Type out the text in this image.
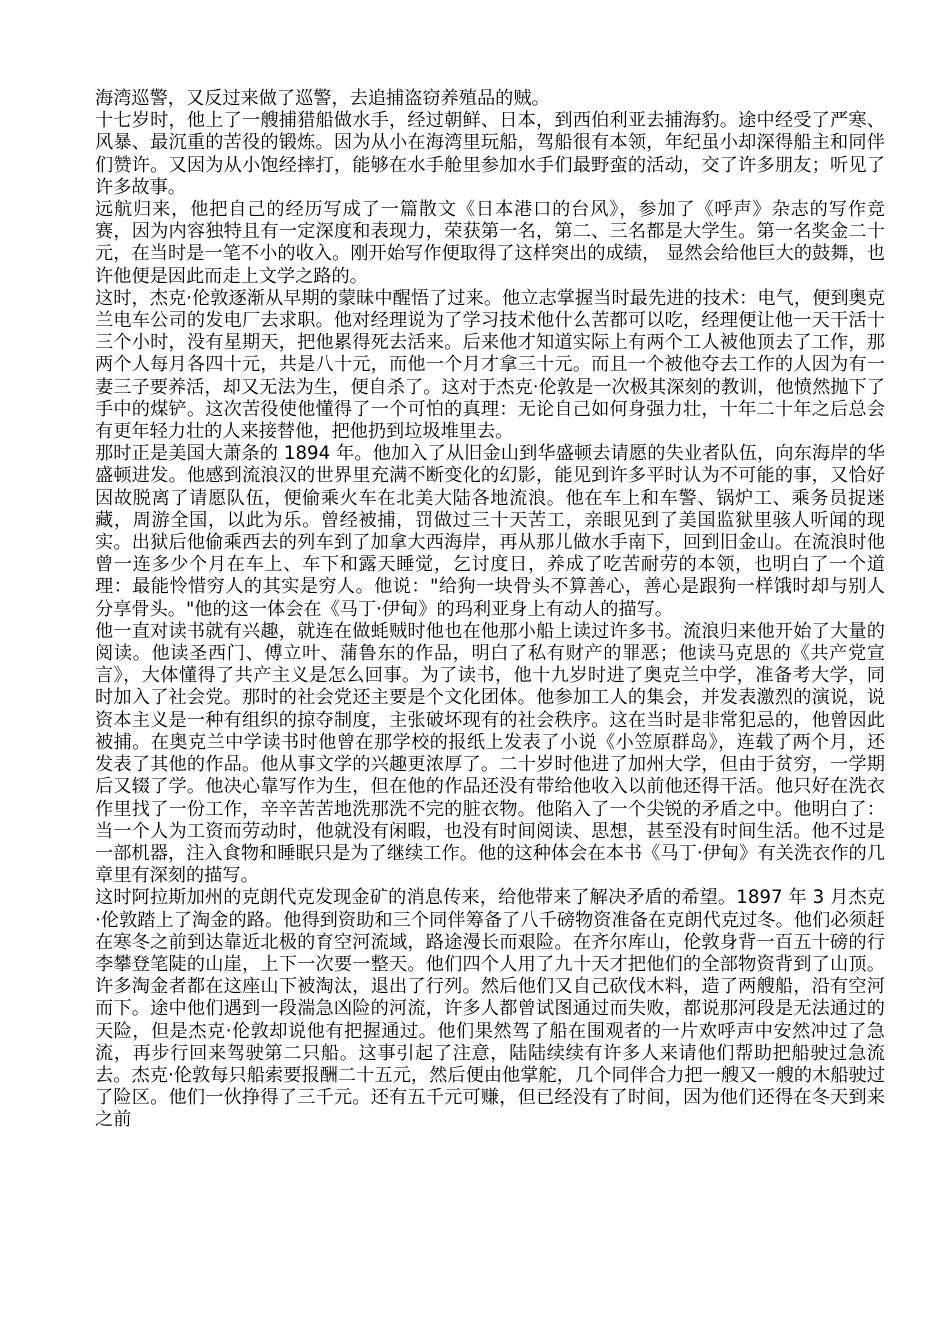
海湾巡警，又反过来做了巡警，去追捕盗窃养殖品的贼。

十七岁时，他上了一艘捕猎船做水手，经过朝鲜、日本，到西伯利亚去捕海豹。途中经受了严寒、风暴、最沉重的苦役的锻炼。因为从小在海湾里玩船，驾船很有本领，年纪虽小却深得船主和同伴们赞许。又因为从小饱经摔打，能够在水手舱里参加水手们最野蛮的活动，交了许多朋友；听见了许多故事。

远航归来，他把自己的经历写成了一篇散文《日本港口的台风》，参加了《呼声》杂志的写作竞赛，因为内容独特且有一定深度和表现力，荣获第一名，第二、三名都是大学生。第一名奖金二十元，在当时是一笔不小的收入。刚开始写作便取得了这样突出的成绩， 显然会给他巨大的鼓舞，也许他便是因此而走上文学之路的。

这时，杰克·伦敦逐渐从早期的蒙昧中醒悟了过来。他立志掌握当时最先进的技术：电气，便到奥克兰电车公司的发电厂去求职。他对经理说为了学习技术他什么苦都可以吃，经理便让他一天干活十三个小时，没有星期天，把他累得死去活来。后来他才知道实际上有两个工人被他顶去了工作，那两个人每月各四十元，共是八十元，而他一个月才拿三十元。而且一个被他夺去工作的人因为有一妻三子要养活，却又无法为生，便自杀了。这对于杰克·伦敦是一次极其深刻的教训，他愤然抛下了手中的煤铲。这次苦役使他懂得了一个可怕的真理：无论自己如何身强力壮，十年二十年之后总会有更年轻力壮的人来接替他，把他扔到垃圾堆里去。

那时正是美国大萧条的 1894 年。他加入了从旧金山到华盛顿去请愿的失业者队伍，向东海岸的华盛顿进发。他感到流浪汉的世界里充满不断变化的幻影，能见到许多平时认为不可能的事，又恰好因故脱离了请愿队伍，便偷乘火车在北美大陆各地流浪。他在车上和车警、锅炉工、乘务员捉迷藏，周游全国，以此为乐。曾经被捕，罚做过三十天苦工，亲眼见到了美国监狱里骇人听闻的现实。出狱后他偷乘西去的列车到了加拿大西海岸，再从那儿做水手南下，回到旧金山。在流浪时他曾一连多少个月在车上、车下和露天睡觉，乞讨度日，养成了吃苦耐劳的本领，也明白了一个道理：最能怜惜穷人的其实是穷人。他说："给狗一块骨头不算善心，善心是跟狗一样饿时却与别人分享骨头。"他的这一体会在《马丁·伊甸》的玛利亚身上有动人的描写。

他一直对读书就有兴趣，就连在做蚝贼时他也在他那小船上读过许多书。流浪归来他开始了大量的阅读。他读圣西门、傅立叶、蒲鲁东的作品，明白了私有财产的罪恶；他读马克思的《共产党宣言》，大体懂得了共产主义是怎么回事。为了读书，他十九岁时进了奥克兰中学，准备考大学，同时加入了社会党。那时的社会党还主要是个文化团体。他参加工人的集会，并发表激烈的演说，说资本主义是一种有组织的掠夺制度，主张破坏现有的社会秩序。这在当时是非常犯忌的，他曾因此被捕。在奥克兰中学读书时他曾在那学校的报纸上发表了小说《小笠原群岛》，连载了两个月，还发表了其他的作品。他从事文学的兴趣更浓厚了。二十岁时他进了加州大学，但由于贫穷，一学期后又辍了学。他决心靠写作为生，但在他的作品还没有带给他收入以前他还得干活。他只好在洗衣作里找了一份工作，辛辛苦苦地洗那洗不完的脏衣物。他陷入了一个尖锐的矛盾之中。他明白了：当一个人为工资而劳动时，他就没有闲暇，也没有时间阅读、思想，甚至没有时间生活。他不过是一部机器，注入食物和睡眠只是为了继续工作。他的这种体会在本书《马丁·伊甸》有关洗衣作的几章里有深刻的描写。

这时阿拉斯加州的克朗代克发现金矿的消息传来，给他带来了解决矛盾的希望。1897 年 3 月杰克·伦敦踏上了淘金的路。他得到资助和三个同伴筹备了八千磅物资准备在克朗代克过冬。他们必须赶在寒冬之前到达靠近北极的育空河流域，路途漫长而艰险。在齐尔库山，伦敦身背一百五十磅的行李攀登笔陡的山崖，上下一次要一整天。他们四个人用了九十天才把他们的全部物资背到了山顶。许多淘金者都在这座山下被淘汰，退出了行列。然后他们又自己砍伐木料，造了两艘船，沿有空河而下。途中他们遇到一段湍急凶险的河流，许多人都曾试图通过而失败，都说那河段是无法通过的天险，但是杰克·伦敦却说他有把握通过。他们果然驾了船在围观者的一片欢呼声中安然冲过了急流，再步行回来驾驶第二只船。这事引起了注意，陆陆续续有许多人来请他们帮助把船驶过急流去。杰克·伦敦每只船索要报酬二十五元，然后便由他掌舵，几个同伴合力把一艘又一艘的木船驶过了险区。他们一伙挣得了三千元。还有五千元可赚，但已经没有了时间，因为他们还得在冬天到来之前
